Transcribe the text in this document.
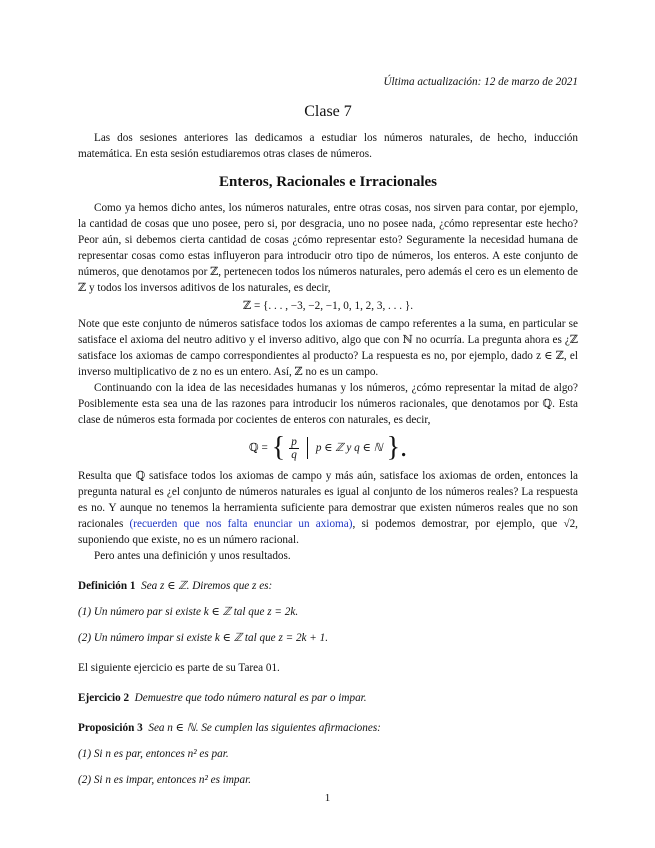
Última actualización: 12 de marzo de 2021

Clase 7

Las dos sesiones anteriores las dedicamos a estudiar los números naturales, de hecho, inducción matemática. En esta sesión estudiaremos otras clases de números.

Enteros, Racionales e Irracionales

Como ya hemos dicho antes, los números naturales, entre otras cosas, nos sirven para contar, por ejemplo, la cantidad de cosas que uno posee, pero si, por desgracia, uno no posee nada, ¿cómo representar este hecho? Peor aún, si debemos cierta cantidad de cosas ¿cómo representar esto? Seguramente la necesidad humana de representar cosas como estas influyeron para introducir otro tipo de números, los enteros. A este conjunto de números, que denotamos por ℤ, pertenecen todos los números naturales, pero además el cero es un elemento de ℤ y todos los inversos aditivos de los naturales, es decir,

ℤ = {. . . , −3, −2, −1, 0, 1, 2, 3, . . . }.

Note que este conjunto de números satisface todos los axiomas de campo referentes a la suma, en particular se satisface el axioma del neutro aditivo y el inverso aditivo, algo que con ℕ no ocurría. La pregunta ahora es ¿ℤ satisface los axiomas de campo correspondientes al producto? La respuesta es no, por ejemplo, dado z ∈ ℤ, el inverso multiplicativo de z no es un entero. Así, ℤ no es un campo.

Continuando con la idea de las necesidades humanas y los números, ¿cómo representar la mitad de algo? Posiblemente esta sea una de las razones para introducir los números racionales, que denotamos por ℚ. Esta clase de números esta formada por cocientes de enteros con naturales, es decir,

ℚ = { $\frac{p}{q}$ p ∈ ℤ y q ∈ ℕ }.

Resulta que ℚ satisface todos los axiomas de campo y más aún, satisface los axiomas de orden, entonces la pregunta natural es ¿el conjunto de números naturales es igual al conjunto de los números reales? La respuesta es no. Y aunque no tenemos la herramienta suficiente para demostrar que existen números reales que no son racionales (recuerden que nos falta enunciar un axioma), si podemos demostrar, por ejemplo, que √2, suponiendo que existe, no es un número racional.

Pero antes una definición y unos resultados.

Definición 1 Sea z ∈ ℤ. Diremos que z es:

(1) Un número par si existe k ∈ ℤ tal que z = 2k.

(2) Un número impar si existe k ∈ ℤ tal que z = 2k + 1.

El siguiente ejercicio es parte de su Tarea 01.

Ejercicio 2 Demuestre que todo número natural es par o impar.

Proposición 3 Sea n ∈ ℕ. Se cumplen las siguientes afirmaciones:

(1) Si n es par, entonces n² es par.

(2) Si n es impar, entonces n² es impar.

1
